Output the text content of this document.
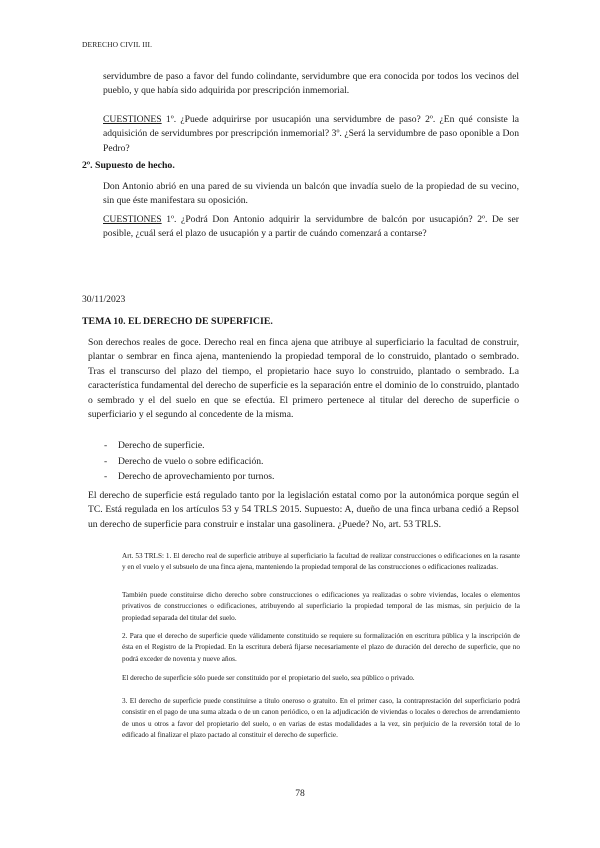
DERECHO CIVIL III.

servidumbre de paso a favor del fundo colindante, servidumbre que era conocida por todos los vecinos del pueblo, y que había sido adquirida por prescripción inmemorial.

CUESTIONES 1º. ¿Puede adquirirse por usucapión una servidumbre de paso? 2º. ¿En qué consiste la adquisición de servidumbres por prescripción inmemorial? 3º. ¿Será la servidumbre de paso oponible a Don Pedro?

2º. Supuesto de hecho.

Don Antonio abrió en una pared de su vivienda un balcón que invadía suelo de la propiedad de su vecino, sin que éste manifestara su oposición.

CUESTIONES 1º. ¿Podrá Don Antonio adquirir la servidumbre de balcón por usucapión? 2º. De ser posible, ¿cuál será el plazo de usucapión y a partir de cuándo comenzará a contarse?

30/11/2023
TEMA 10. EL DERECHO DE SUPERFICIE.

Son derechos reales de goce. Derecho real en finca ajena que atribuye al superficiario la facultad de construir, plantar o sembrar en finca ajena, manteniendo la propiedad temporal de lo construido, plantado o sembrado. Tras el transcurso del plazo del tiempo, el propietario hace suyo lo construido, plantado o sembrado. La característica fundamental del derecho de superficie es la separación entre el dominio de lo construido, plantado o sembrado y el del suelo en que se efectúa. El primero pertenece al titular del derecho de superficie o superficiario y el segundo al concedente de la misma.

- Derecho de superficie.
- Derecho de vuelo o sobre edificación.
- Derecho de aprovechamiento por turnos.

El derecho de superficie está regulado tanto por la legislación estatal como por la autonómica porque según el TC. Está regulada en los artículos 53 y 54 TRLS 2015. Supuesto: A, dueño de una finca urbana cedió a Repsol un derecho de superficie para construir e instalar una gasolinera. ¿Puede? No, art. 53 TRLS.

Art. 53 TRLS: 1. El derecho real de superficie atribuye al superficiario la facultad de realizar construcciones o edificaciones en la rasante y en el vuelo y el subsuelo de una finca ajena, manteniendo la propiedad temporal de las construcciones o edificaciones realizadas.

También puede constituirse dicho derecho sobre construcciones o edificaciones ya realizadas o sobre viviendas, locales o elementos privativos de construcciones o edificaciones, atribuyendo al superficiario la propiedad temporal de las mismas, sin perjuicio de la propiedad separada del titular del suelo.

2. Para que el derecho de superficie quede válidamente constituido se requiere su formalización en escritura pública y la inscripción de ésta en el Registro de la Propiedad. En la escritura deberá fijarse necesariamente el plazo de duración del derecho de superficie, que no podrá exceder de noventa y nueve años.

El derecho de superficie sólo puede ser constituido por el propietario del suelo, sea público o privado.

3. El derecho de superficie puede constituirse a título oneroso o gratuito. En el primer caso, la contraprestación del superficiario podrá consistir en el pago de una suma alzada o de un canon periódico, o en la adjudicación de viviendas o locales o derechos de arrendamiento de unos u otros a favor del propietario del suelo, o en varias de estas modalidades a la vez, sin perjuicio de la reversión total de lo edificado al finalizar el plazo pactado al constituir el derecho de superficie.

78
